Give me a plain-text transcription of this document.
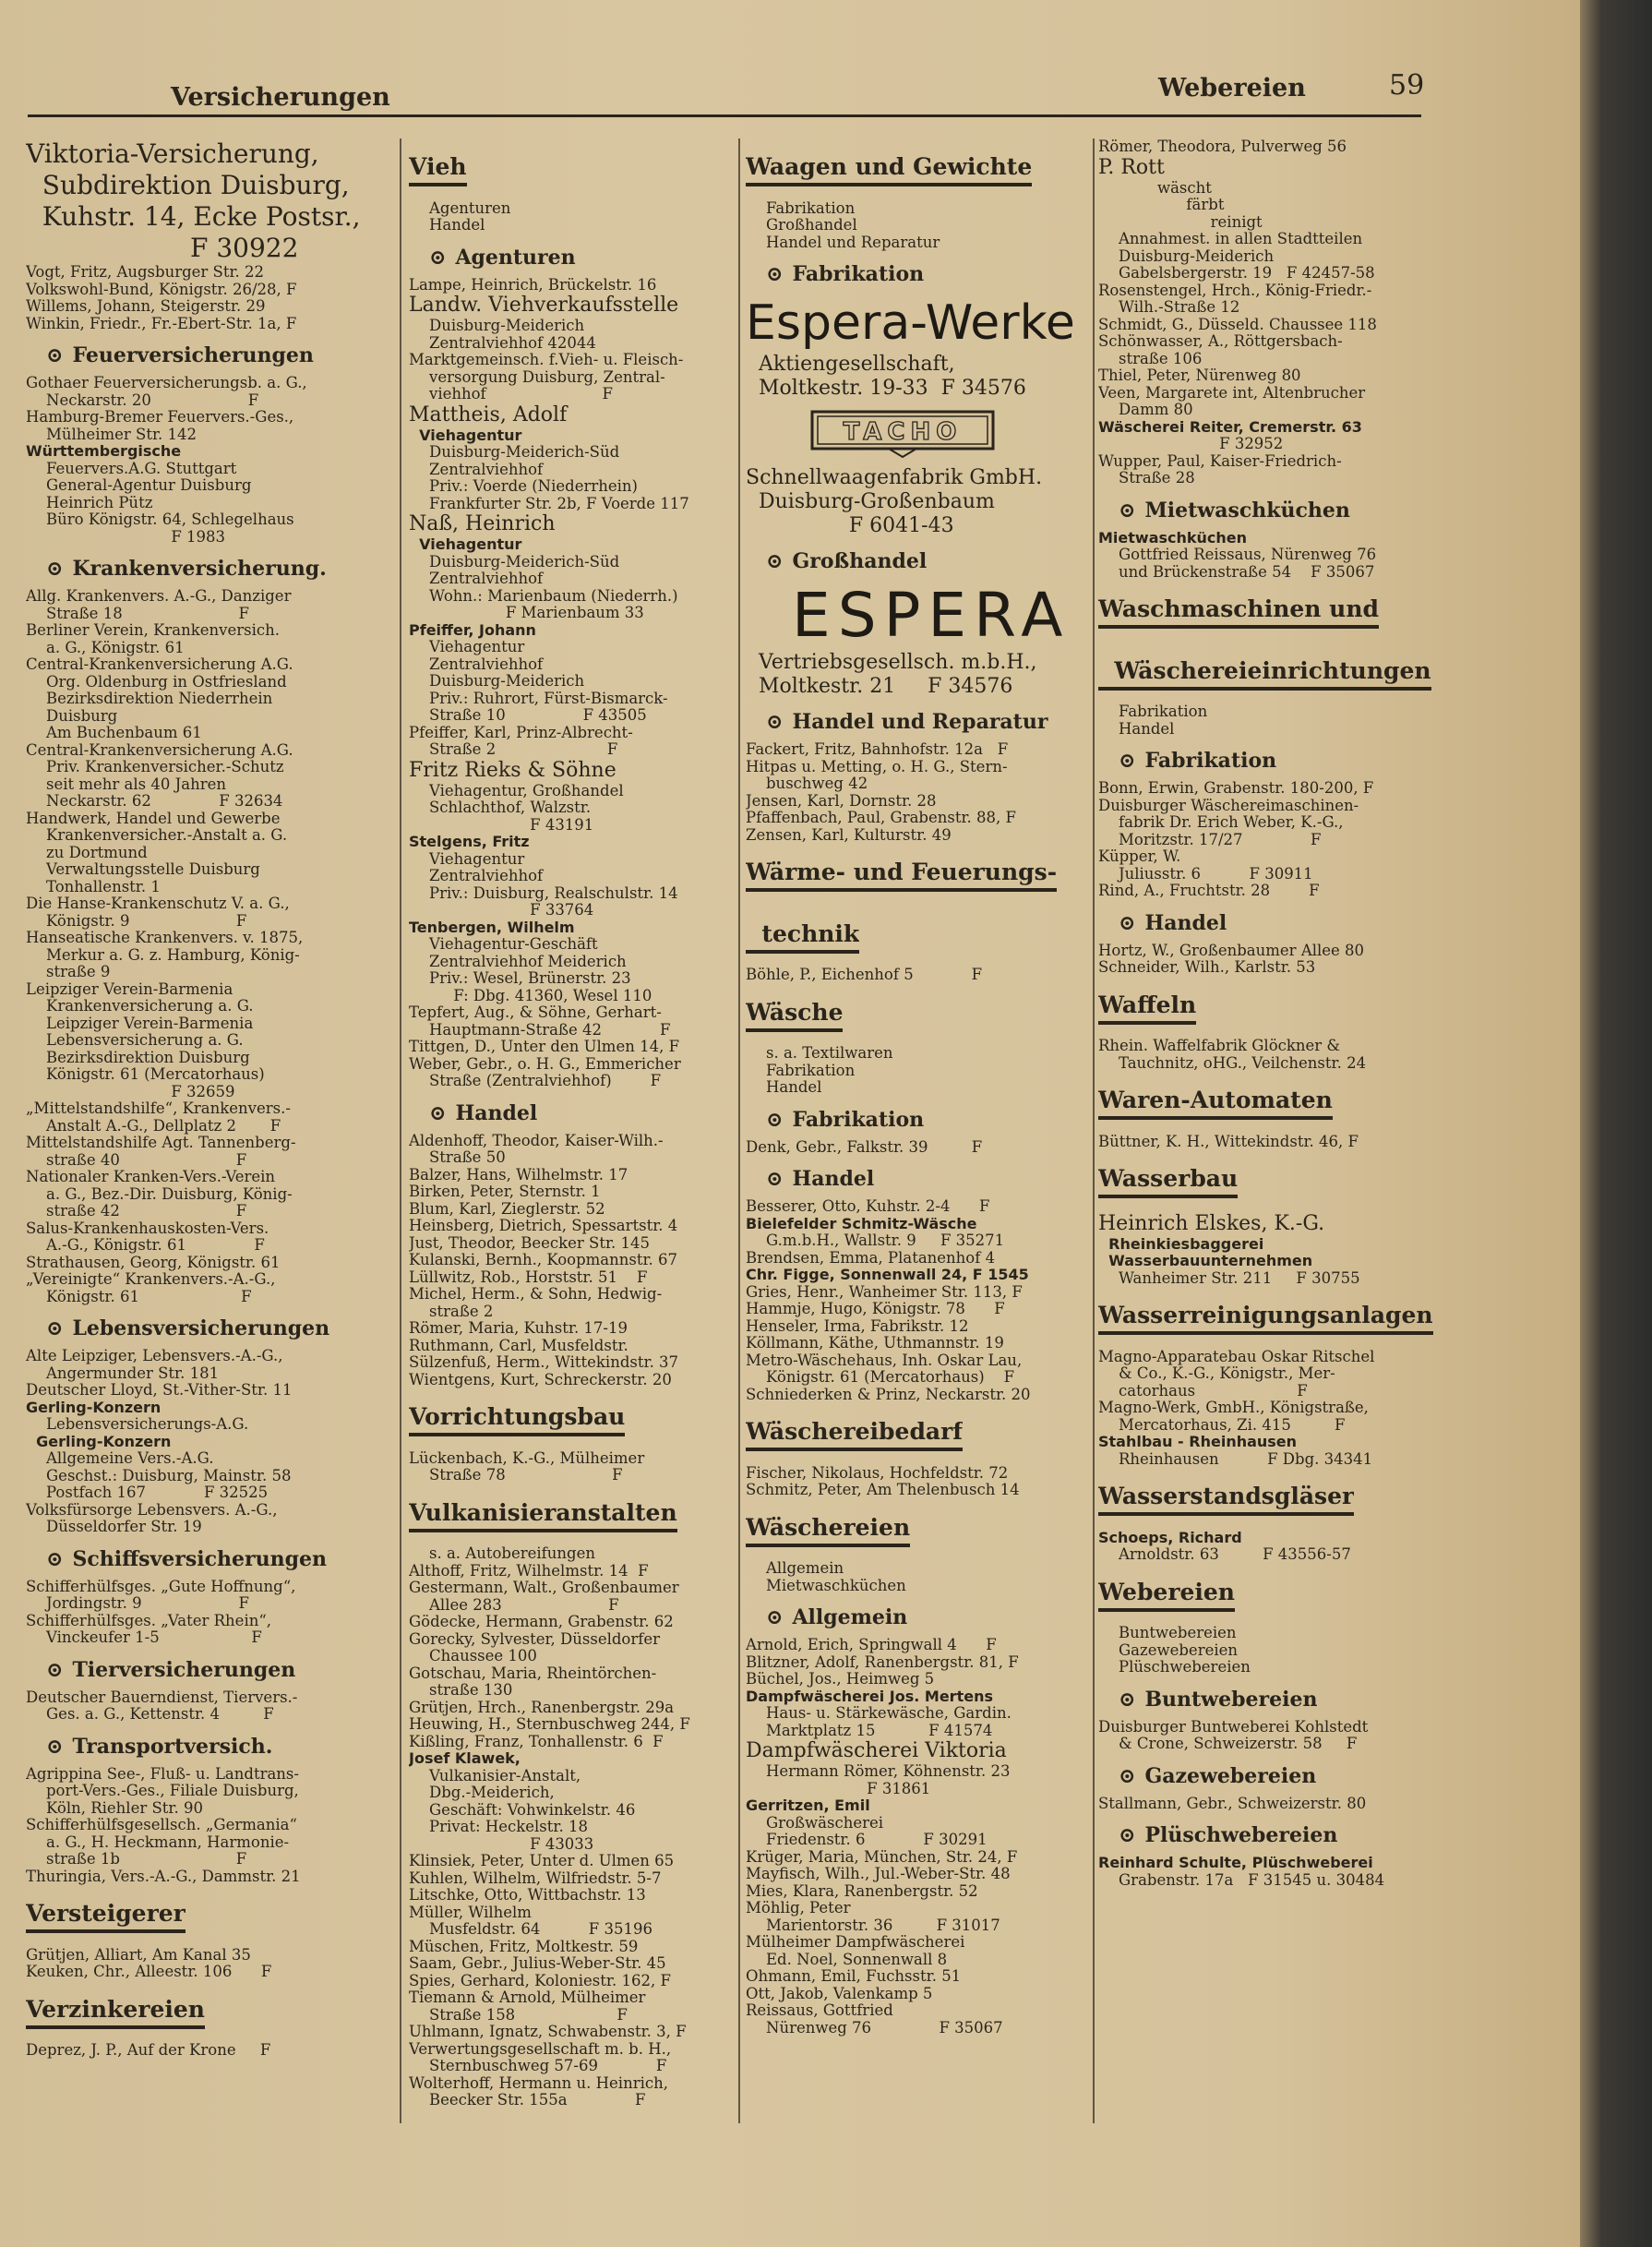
Versicherungen	Webereien	59
Viktoria-Versicherung,
Subdirektion Duisburg,
Kuhstr. 14, Ecke Postsr.,
F 30922
Vogt, Fritz, Augsburger Str. 22
Volkswohl-Bund, Königstr. 26/28, F
Willems, Johann, Steigerstr. 29
Winkin, Friedr., Fr.-Ebert-Str. 1a, F
⊙ Feuerversicherungen
Gothaer Feuerversicherungsb. a. G.,
Neckarstr. 20                    F
Hamburg-Bremer Feuervers.-Ges.,
Mülheimer Str. 142
Württembergische
Feuervers.A.G. Stuttgart
General-Agentur Duisburg
Heinrich Pütz
Büro Königstr. 64, Schlegelhaus
F 1983
⊙ Krankenversicherung.
Allg. Krankenvers. A.-G., Danziger
Straße 18                        F
Berliner Verein, Krankenversich.
a. G., Königstr. 61
Central-Krankenversicherung A.G.
Org. Oldenburg in Ostfriesland
Bezirksdirektion Niederrhein
Duisburg
Am Buchenbaum 61
Central-Krankenversicherung A.G.
Priv. Krankenversicher.-Schutz
seit mehr als 40 Jahren
Neckarstr. 62              F 32634
Handwerk, Handel und Gewerbe
Krankenversicher.-Anstalt a. G.
zu Dortmund
Verwaltungsstelle Duisburg
Tonhallenstr. 1
Die Hanse-Krankenschutz V. a. G.,
Königstr. 9                      F
Hanseatische Krankenvers. v. 1875,
Merkur a. G. z. Hamburg, König-
straße 9
Leipziger Verein-Barmenia
Krankenversicherung a. G.
Leipziger Verein-Barmenia
Lebensversicherung a. G.
Bezirksdirektion Duisburg
Königstr. 61 (Mercatorhaus)
F 32659
„Mittelstandshilfe“, Krankenvers.-
Anstalt A.-G., Dellplatz 2       F
Mittelstandshilfe Agt. Tannenberg-
straße 40                        F
Nationaler Kranken-Vers.-Verein
a. G., Bez.-Dir. Duisburg, König-
straße 42                        F
Salus-Krankenhauskosten-Vers.
A.-G., Königstr. 61              F
Strathausen, Georg, Königstr. 61
„Vereinigte“ Krankenvers.-A.-G.,
Königstr. 61                     F
⊙ Lebensversicherungen
Alte Leipziger, Lebensvers.-A.-G.,
Angermunder Str. 181
Deutscher Lloyd, St.-Vither-Str. 11
Gerling-Konzern
Lebensversicherungs-A.G.
Gerling-Konzern
Allgemeine Vers.-A.G.
Geschst.: Duisburg, Mainstr. 58
Postfach 167            F 32525
Volksfürsorge Lebensvers. A.-G.,
Düsseldorfer Str. 19
⊙ Schiffsversicherungen
Schifferhülfsges. „Gute Hoffnung“,
Jordingstr. 9                    F
Schifferhülfsges. „Vater Rhein“,
Vinckeufer 1-5                   F
⊙ Tierversicherungen
Deutscher Bauerndienst, Tiervers.-
Ges. a. G., Kettenstr. 4         F
⊙ Transportversich.
Agrippina See-, Fluß- u. Landtrans-
port-Vers.-Ges., Filiale Duisburg,
Köln, Riehler Str. 90
Schifferhülfsgesellsch. „Germania“
a. G., H. Heckmann, Harmonie-
straße 1b                        F
Thuringia, Vers.-A.-G., Dammstr. 21
Versteigerer
Grütjen, Alliart, Am Kanal 35
Keuken, Chr., Alleestr. 106      F
Verzinkereien
Deprez, J. P., Auf der Krone     F
Vieh
Agenturen
Handel
⊙ Agenturen
Lampe, Heinrich, Brückelstr. 16
Landw. Viehverkaufsstelle
Duisburg-Meiderich
Zentralviehhof 42044
Marktgemeinsch. f.Vieh- u. Fleisch-
versorgung Duisburg, Zentral-
viehhof                        F
Mattheis, Adolf
Viehagentur
Duisburg-Meiderich-Süd
Zentralviehhof
Priv.: Voerde (Niederrhein)
Frankfurter Str. 2b, F Voerde 117
Naß, Heinrich
Viehagentur
Duisburg-Meiderich-Süd
Zentralviehhof
Wohn.: Marienbaum (Niederrh.)
F Marienbaum 33
Pfeiffer, Johann
Viehagentur
Zentralviehhof
Duisburg-Meiderich
Priv.: Ruhrort, Fürst-Bismarck-
Straße 10                F 43505
Pfeiffer, Karl, Prinz-Albrecht-
Straße 2                       F
Fritz Rieks & Söhne
Viehagentur, Großhandel
Schlachthof, Walzstr.
F 43191
Stelgens, Fritz
Viehagentur
Zentralviehhof
Priv.: Duisburg, Realschulstr. 14
F 33764
Tenbergen, Wilhelm
Viehagentur-Geschäft
Zentralviehhof Meiderich
Priv.: Wesel, Brünerstr. 23
F: Dbg. 41360, Wesel 110
Tepfert, Aug., & Söhne, Gerhart-
Hauptmann-Straße 42            F
Tittgen, D., Unter den Ulmen 14, F
Weber, Gebr., o. H. G., Emmericher
Straße (Zentralviehhof)        F
⊙ Handel
Aldenhoff, Theodor, Kaiser-Wilh.-
Straße 50
Balzer, Hans, Wilhelmstr. 17
Birken, Peter, Sternstr. 1
Blum, Karl, Zieglerstr. 52
Heinsberg, Dietrich, Spessartstr. 4
Just, Theodor, Beecker Str. 145
Kulanski, Bernh., Koopmannstr. 67
Lüllwitz, Rob., Horststr. 51    F
Michel, Herm., & Sohn, Hedwig-
straße 2
Römer, Maria, Kuhstr. 17-19
Ruthmann, Carl, Musfeldstr.
Sülzenfuß, Herm., Wittekindstr. 37
Wientgens, Kurt, Schreckerstr. 20
Vorrichtungsbau
Lückenbach, K.-G., Mülheimer
Straße 78                      F
Vulkanisieranstalten
s. a. Autobereifungen
Althoff, Fritz, Wilhelmstr. 14  F
Gestermann, Walt., Großenbaumer
Allee 283                      F
Gödecke, Hermann, Grabenstr. 62
Gorecky, Sylvester, Düsseldorfer
Chaussee 100
Gotschau, Maria, Rheintörchen-
straße 130
Grütjen, Hrch., Ranenbergstr. 29a
Heuwing, H., Sternbuschweg 244, F
Kißling, Franz, Tonhallenstr. 6  F
Josef Klawek,
Vulkanisier-Anstalt,
Dbg.-Meiderich,
Geschäft: Vohwinkelstr. 46
Privat: Heckelstr. 18
F 43033
Klinsiek, Peter, Unter d. Ulmen 65
Kuhlen, Wilhelm, Wilfriedstr. 5-7
Litschke, Otto, Wittbachstr. 13
Müller, Wilhelm
Musfeldstr. 64          F 35196
Müschen, Fritz, Moltkestr. 59
Saam, Gebr., Julius-Weber-Str. 45
Spies, Gerhard, Koloniestr. 162, F
Tiemann & Arnold, Mülheimer
Straße 158                     F
Uhlmann, Ignatz, Schwabenstr. 3, F
Verwertungsgesellschaft m. b. H.,
Sternbuschweg 57-69            F
Wolterhoff, Hermann u. Heinrich,
Beecker Str. 155a              F
Waagen und Gewichte
Fabrikation
Großhandel
Handel und Reparatur
⊙ Fabrikation
Espera-Werke
Aktiengesellschaft,
Moltkestr. 19-33  F 34576
TACHO
Schnellwaagenfabrik GmbH.
Duisburg-Großenbaum
F 6041-43
⊙ Großhandel
ESPERA
Vertriebsgesellsch. m.b.H.,
Moltkestr. 21     F 34576
⊙ Handel und Reparatur
Fackert, Fritz, Bahnhofstr. 12a   F
Hitpas u. Metting, o. H. G., Stern-
buschweg 42
Jensen, Karl, Dornstr. 28
Pfaffenbach, Paul, Grabenstr. 88, F
Zensen, Karl, Kulturstr. 49
Wärme- und Feuerungs-  technik
Böhle, P., Eichenhof 5            F
Wäsche
s. a. Textilwaren
Fabrikation
Handel
⊙ Fabrikation
Denk, Gebr., Falkstr. 39         F
⊙ Handel
Besserer, Otto, Kuhstr. 2-4      F
Bielefelder Schmitz-Wäsche
G.m.b.H., Wallstr. 9     F 35271
Brendsen, Emma, Platanenhof 4
Chr. Figge, Sonnenwall 24, F 1545
Gries, Henr., Wanheimer Str. 113, F
Hammje, Hugo, Königstr. 78      F
Henseler, Irma, Fabrikstr. 12
Köllmann, Käthe, Uthmannstr. 19
Metro-Wäschehaus, Inh. Oskar Lau,
Königstr. 61 (Mercatorhaus)    F
Schniederken & Prinz, Neckarstr. 20
Wäschereibedarf
Fischer, Nikolaus, Hochfeldstr. 72
Schmitz, Peter, Am Thelenbusch 14
Wäschereien
Allgemein
Mietwaschküchen
⊙ Allgemein
Arnold, Erich, Springwall 4      F
Blitzner, Adolf, Ranenbergstr. 81, F
Büchel, Jos., Heimweg 5
Dampfwäscherei Jos. Mertens
Haus- u. Stärkewäsche, Gardin.
Marktplatz 15           F 41574
Dampfwäscherei Viktoria
Hermann Römer, Köhnenstr. 23
F 31861
Gerritzen, Emil
Großwäscherei
Friedenstr. 6            F 30291
Krüger, Maria, München, Str. 24, F
Mayfisch, Wilh., Jul.-Weber-Str. 48
Mies, Klara, Ranenbergstr. 52
Möhlig, Peter
Marientorstr. 36         F 31017
Mülheimer Dampfwäscherei
Ed. Noel, Sonnenwall 8
Ohmann, Emil, Fuchsstr. 51
Ott, Jakob, Valenkamp 5
Reissaus, Gottfried
Nürenweg 76              F 35067
Römer, Theodora, Pulverweg 56
P. Rott
wäscht
färbt
reinigt
Annahmest. in allen Stadtteilen
Duisburg-Meiderich
Gabelsbergerstr. 19   F 42457-58
Rosenstengel, Hrch., König-Friedr.-
Wilh.-Straße 12
Schmidt, G., Düsseld. Chaussee 118
Schönwasser, A., Röttgersbach-
straße 106
Thiel, Peter, Nürenweg 80
Veen, Margarete int, Altenbrucher
Damm 80
Wäscherei Reiter, Cremerstr. 63
F 32952
Wupper, Paul, Kaiser-Friedrich-
Straße 28
⊙ Mietwaschküchen
Mietwaschküchen
Gottfried Reissaus, Nürenweg 76
und Brückenstraße 54    F 35067
Waschmaschinen und  Wäschereieinrichtungen
Fabrikation
Handel
⊙ Fabrikation
Bonn, Erwin, Grabenstr. 180-200, F
Duisburger Wäschereimaschinen-
fabrik Dr. Erich Weber, K.-G.,
Moritzstr. 17/27              F
Küpper, W.
Juliusstr. 6          F 30911
Rind, A., Fruchtstr. 28        F
⊙ Handel
Hortz, W., Großenbaumer Allee 80
Schneider, Wilh., Karlstr. 53
Waffeln
Rhein. Waffelfabrik Glöckner &
Tauchnitz, oHG., Veilchenstr. 24
Waren-Automaten
Büttner, K. H., Wittekindstr. 46, F
Wasserbau
Heinrich Elskes, K.-G.
Rheinkiesbaggerei
Wasserbauunternehmen
Wanheimer Str. 211     F 30755
Wasserreinigungsanlagen
Magno-Apparatebau Oskar Ritschel
& Co., K.-G., Königstr., Mer-
catorhaus                     F
Magno-Werk, GmbH., Königstraße,
Mercatorhaus, Zi. 415         F
Stahlbau - Rheinhausen
Rheinhausen          F Dbg. 34341
Wasserstandsgläser
Schoeps, Richard
Arnoldstr. 63         F 43556-57
Webereien
Buntwebereien
Gazewebereien
Plüschwebereien
⊙ Buntwebereien
Duisburger Buntweberei Kohlstedt
& Crone, Schweizerstr. 58     F
⊙ Gazewebereien
Stallmann, Gebr., Schweizerstr. 80
⊙ Plüschwebereien
Reinhard Schulte, Plüschweberei
Grabenstr. 17a   F 31545 u. 30484
